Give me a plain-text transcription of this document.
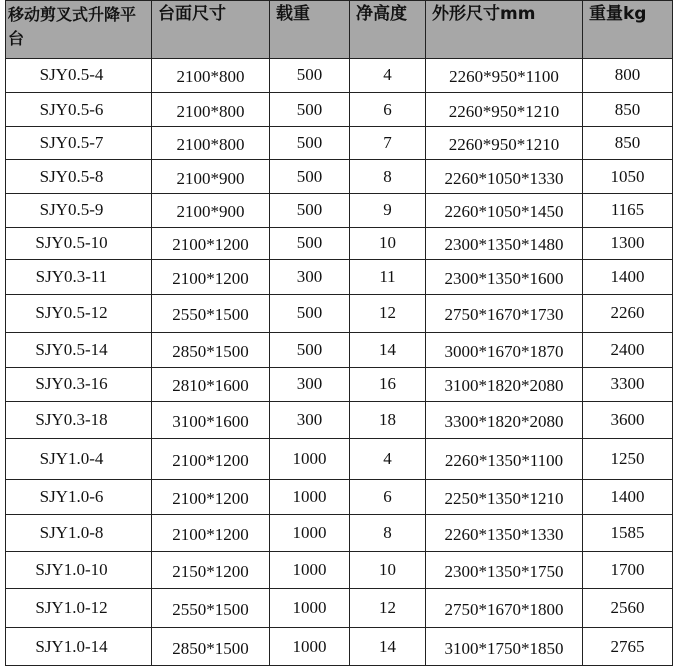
移动剪叉式升降平台	台面尺寸	载重	净高度	外形尺寸mm	重量kg
SJY0.5-4	2100*800	500	4	2260*950*1100	800
SJY0.5-6	2100*800	500	6	2260*950*1210	850
SJY0.5-7	2100*800	500	7	2260*950*1210	850
SJY0.5-8	2100*900	500	8	2260*1050*1330	1050
SJY0.5-9	2100*900	500	9	2260*1050*1450	1165
SJY0.5-10	2100*1200	500	10	2300*1350*1480	1300
SJY0.3-11	2100*1200	300	11	2300*1350*1600	1400
SJY0.5-12	2550*1500	500	12	2750*1670*1730	2260
SJY0.5-14	2850*1500	500	14	3000*1670*1870	2400
SJY0.3-16	2810*1600	300	16	3100*1820*2080	3300
SJY0.3-18	3100*1600	300	18	3300*1820*2080	3600
SJY1.0-4	2100*1200	1000	4	2260*1350*1100	1250
SJY1.0-6	2100*1200	1000	6	2250*1350*1210	1400
SJY1.0-8	2100*1200	1000	8	2260*1350*1330	1585
SJY1.0-10	2150*1200	1000	10	2300*1350*1750	1700
SJY1.0-12	2550*1500	1000	12	2750*1670*1800	2560
SJY1.0-14	2850*1500	1000	14	3100*1750*1850	2765
